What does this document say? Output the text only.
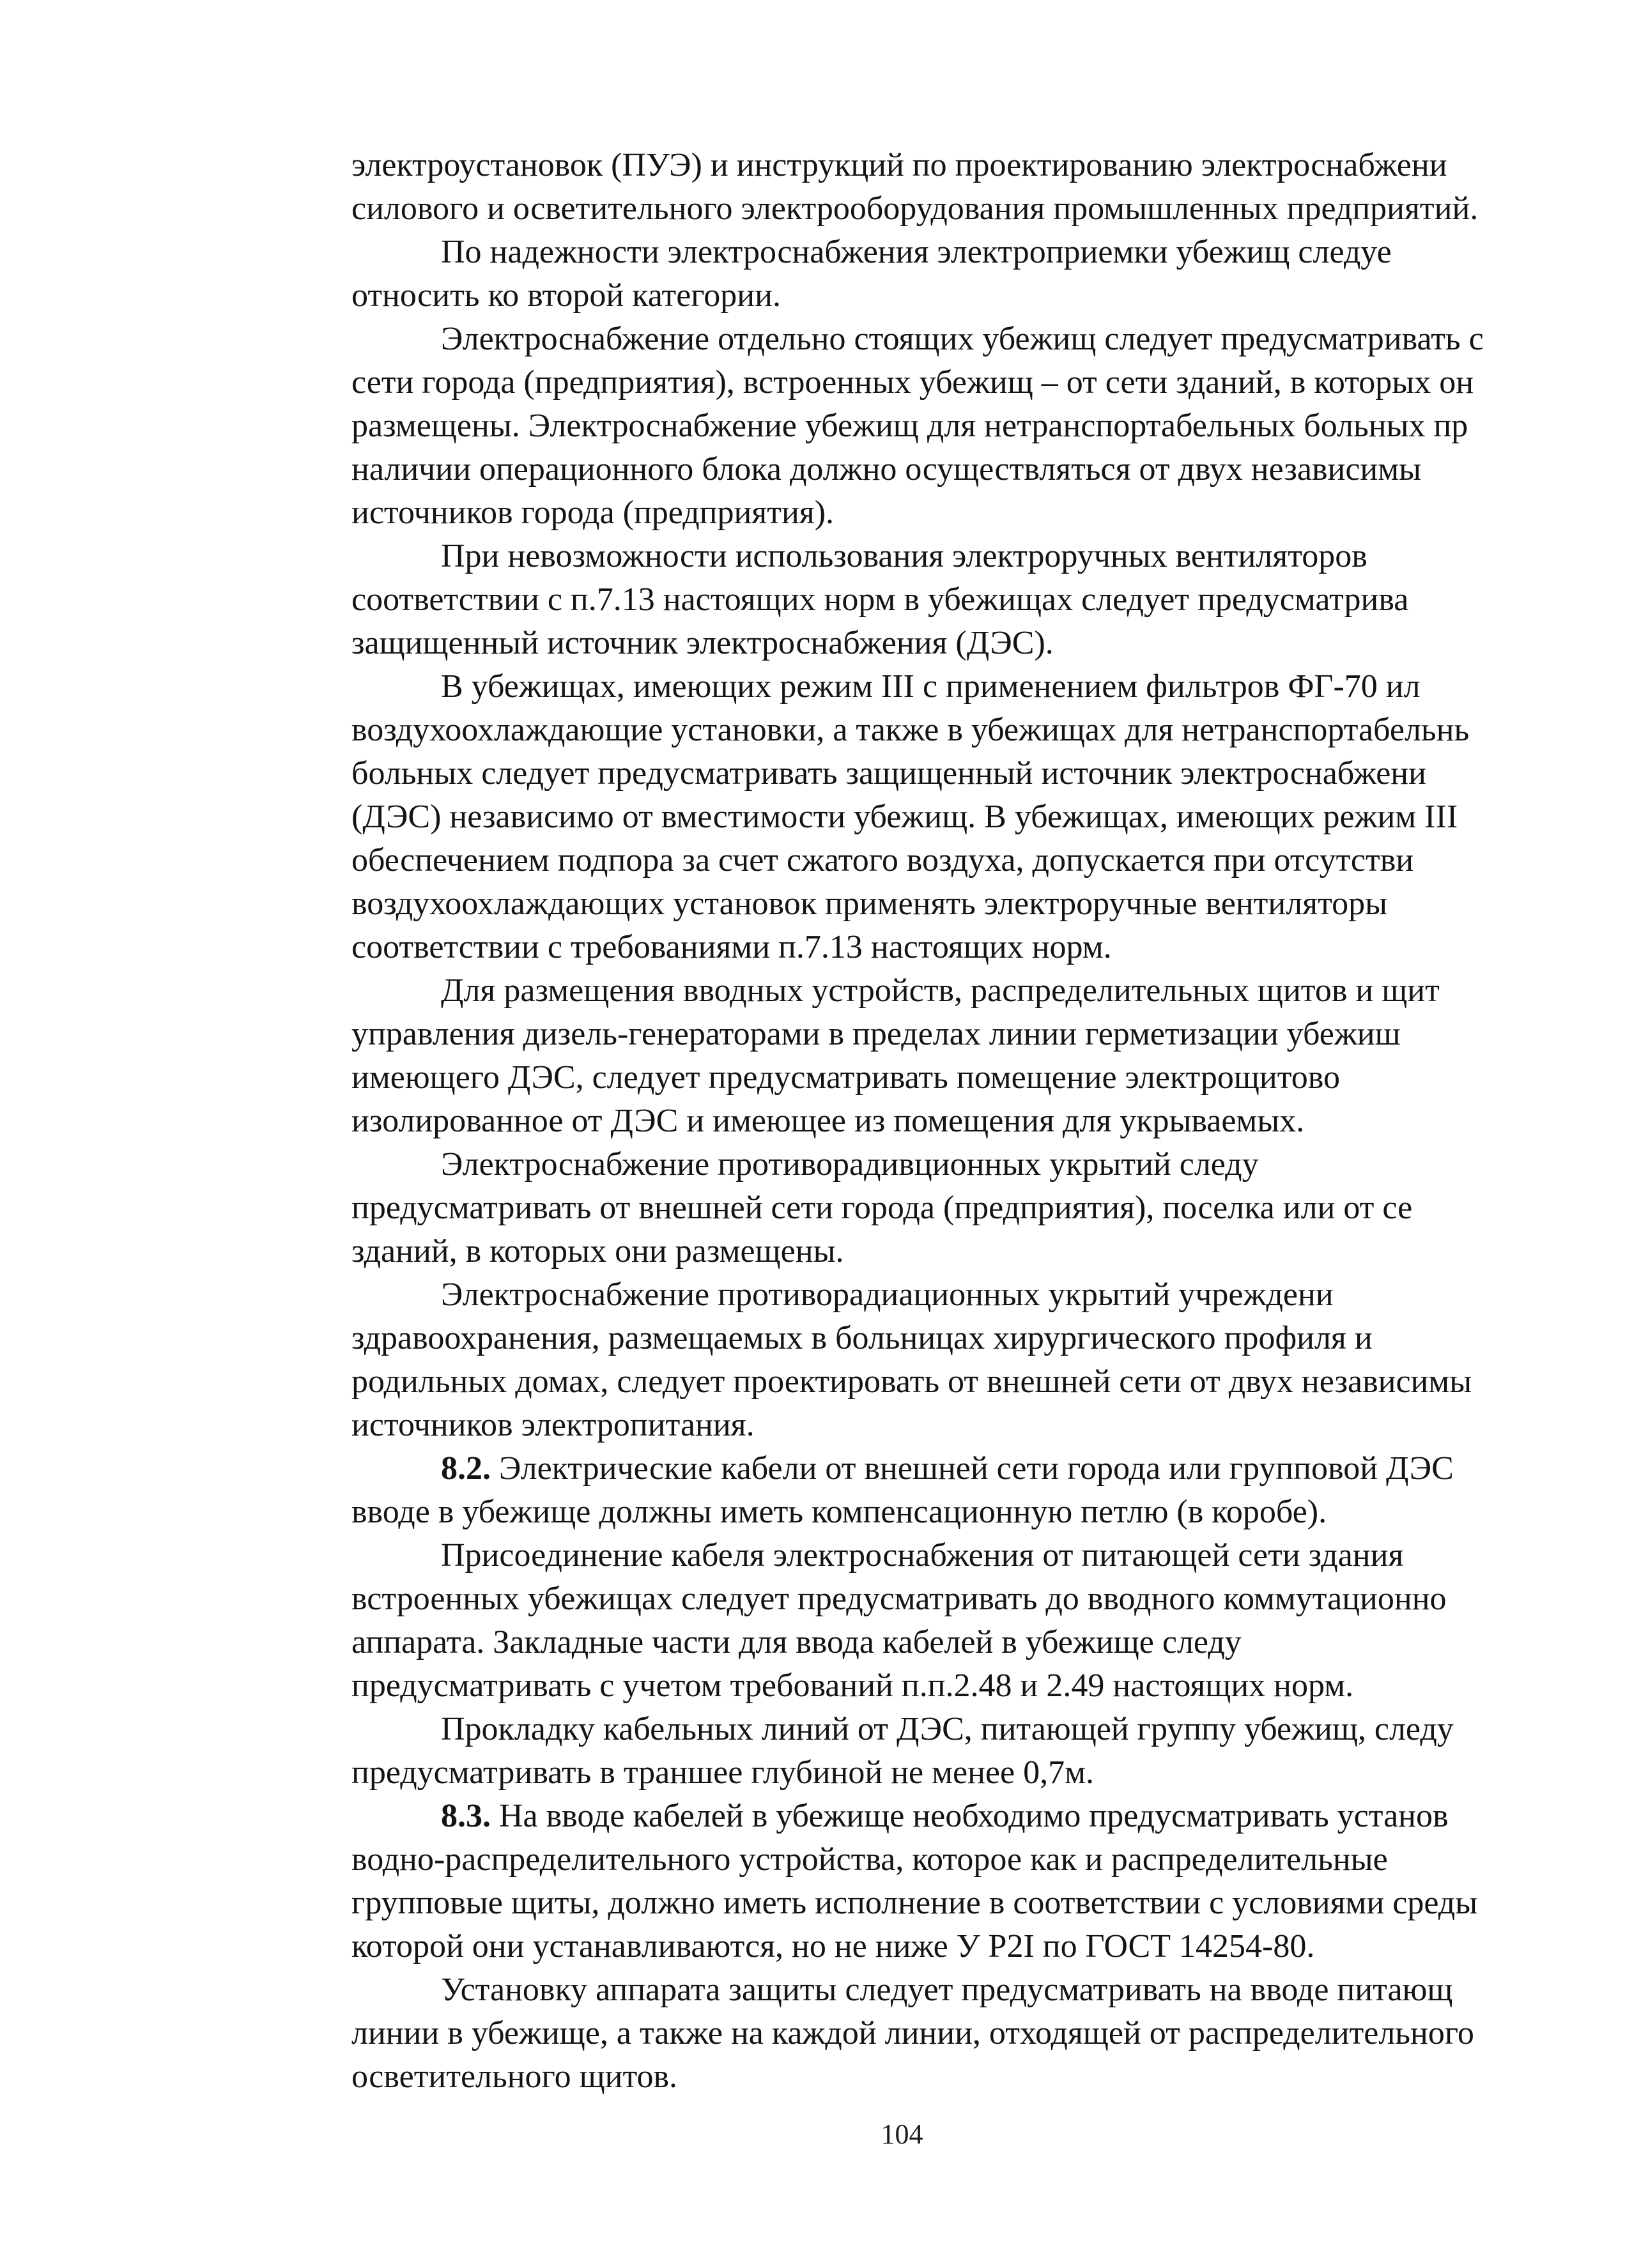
электроустановок (ПУЭ) и инструкций по проектированию электроснабжени
силового и осветительного электрооборудования промышленных предприятий.
По надежности электроснабжения электроприемки убежищ следуе
относить ко второй категории.
Электроснабжение отдельно стоящих убежищ следует предусматривать с
сети города (предприятия), встроенных убежищ – от сети зданий, в которых он
размещены. Электроснабжение убежищ для нетранспортабельных больных пр
наличии операционного блока должно осуществляться от двух независимы
источников города (предприятия).
При невозможности использования электроручных вентиляторов
соответствии с п.7.13 настоящих норм в убежищах следует предусматрива
защищенный источник электроснабжения (ДЭС).
В убежищах, имеющих режим III с применением фильтров ФГ-70 ил
воздухоохлаждающие установки, а также в убежищах для нетранспортабельнь
больных следует предусматривать защищенный источник электроснабжени
(ДЭС) независимо от вместимости убежищ. В убежищах, имеющих режим III
обеспечением подпора за счет сжатого воздуха, допускается при отсутстви
воздухоохлаждающих установок применять электроручные вентиляторы
соответствии с требованиями п.7.13 настоящих норм.
Для размещения вводных устройств, распределительных щитов и щит
управления дизель-генераторами в пределах линии герметизации убежиш
имеющего ДЭС, следует предусматривать помещение электрощитово
изолированное от ДЭС и имеющее из помещения для укрываемых.
Электроснабжение противорадивционных укрытий следу
предусматривать от внешней сети города (предприятия), поселка или от се
зданий, в которых они размещены.
Электроснабжение противорадиационных укрытий учреждени
здравоохранения, размещаемых в больницах хирургического профиля и
родильных домах, следует проектировать от внешней сети от двух независимы
источников электропитания.
8.2. Электрические кабели от внешней сети города или групповой ДЭС
вводе в убежище должны иметь компенсационную петлю (в коробе).
Присоединение кабеля электроснабжения от питающей сети здания
встроенных убежищах следует предусматривать до вводного коммутационно
аппарата. Закладные части для ввода кабелей в убежище следу
предусматривать с учетом требований п.п.2.48 и 2.49 настоящих норм.
Прокладку кабельных линий от ДЭС, питающей группу убежищ, следу
предусматривать в траншее глубиной не менее 0,7м.
8.3. На вводе кабелей в убежище необходимо предусматривать установ
водно-распределительного устройства, которое как и распределительные
групповые щиты, должно иметь исполнение в соответствии с условиями среды
которой они устанавливаются, но не ниже У Р2I по ГОСТ 14254-80.
Установку аппарата защиты следует предусматривать на вводе питающ
линии в убежище, а также на каждой линии, отходящей от распределительного
осветительного щитов.
104
